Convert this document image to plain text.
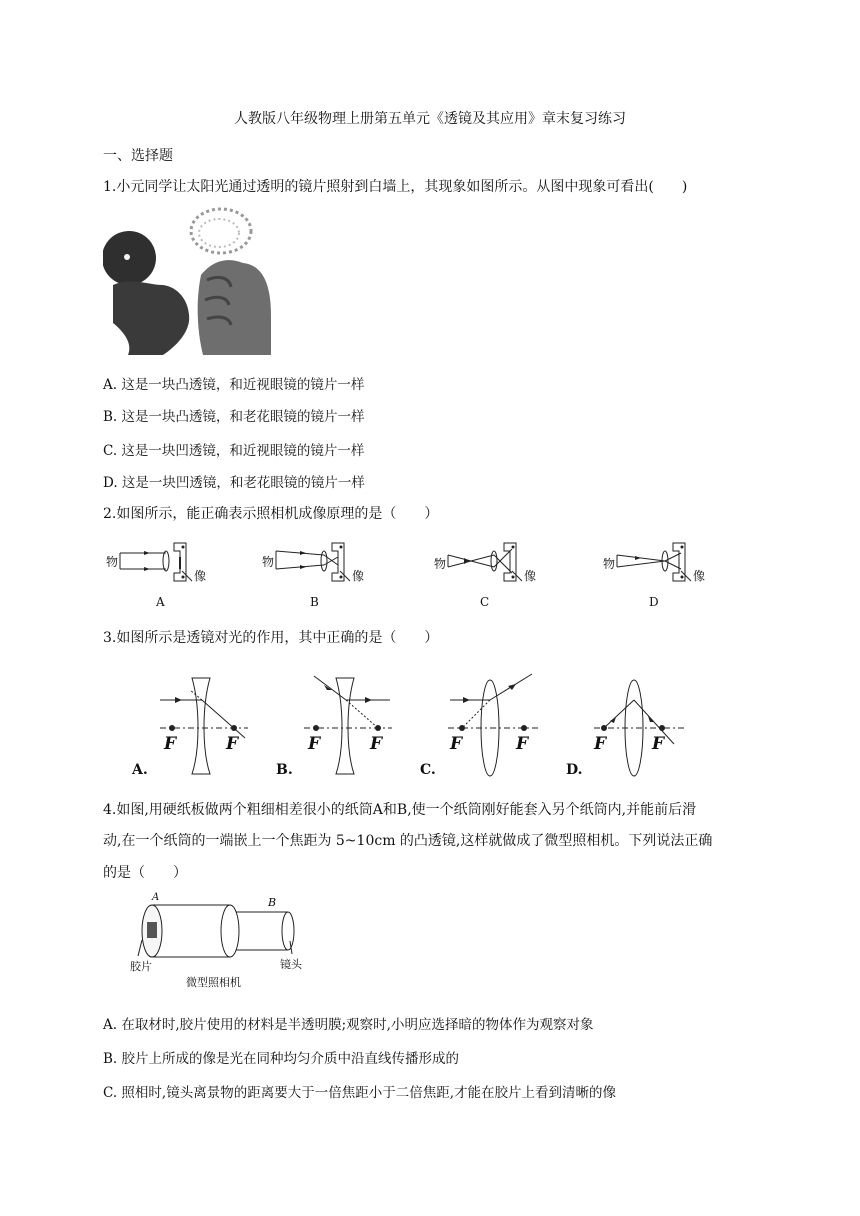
人教版八年级物理上册第五单元《透镜及其应用》章末复习练习
一、选择题
1.小元同学让太阳光通过透明的镜片照射到白墙上，其现象如图所示。从图中现象可看出(　　)
A. 这是一块凸透镜，和近视眼镜的镜片一样
B. 这是一块凸透镜，和老花眼镜的镜片一样
C. 这是一块凹透镜，和近视眼镜的镜片一样
D. 这是一块凹透镜，和老花眼镜的镜片一样
2.如图所示，能正确表示照相机成像原理的是（　　）
物
像
A
物
像
B
物
像
C
物
像
D
3.如图所示是透镜对光的作用，其中正确的是（　　）
F	F
A.
F	F
B.
F	F
C.
F	F
D.
4.如图,用硬纸板做两个粗细相差很小的纸筒A和B,使一个纸筒刚好能套入另个纸筒内,并能前后滑
动,在一个纸筒的一端嵌上一个焦距为 5~10cm 的凸透镜,这样就做成了微型照相机。下列说法正确
的是（　　）
A	B
胶片	镜头
微型照相机
A. 在取材时,胶片使用的材料是半透明膜;观察时,小明应选择暗的物体作为观察对象
B. 胶片上所成的像是光在同种均匀介质中沿直线传播形成的
C. 照相时,镜头离景物的距离要大于一倍焦距小于二倍焦距,才能在胶片上看到清晰的像
